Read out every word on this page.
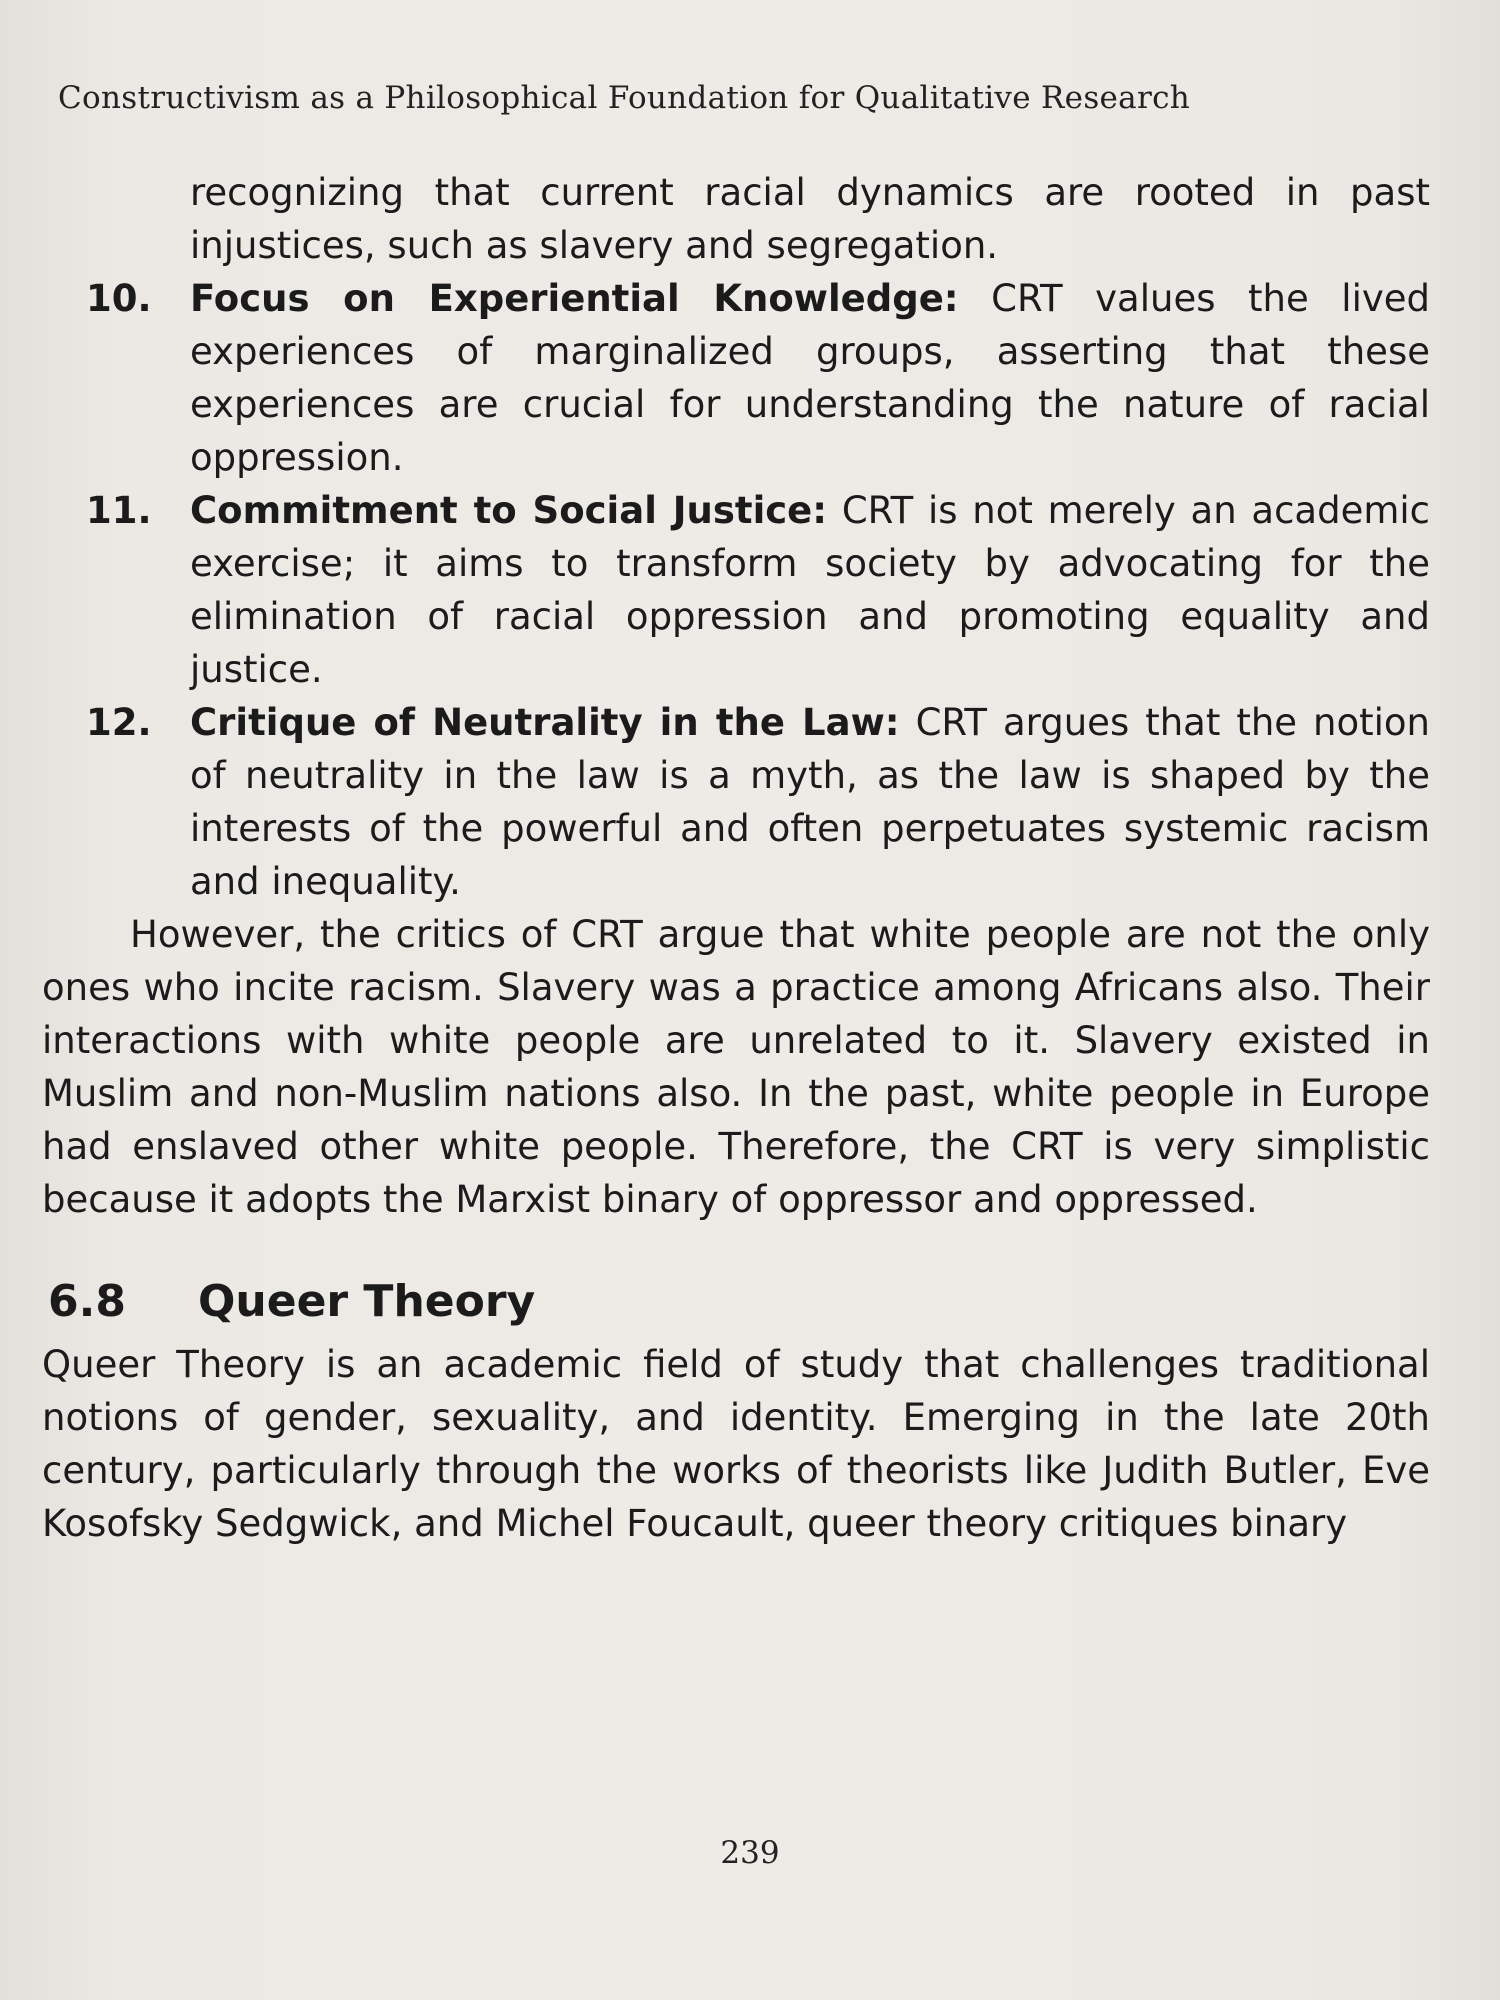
Constructivism as a Philosophical Foundation for Qualitative Research

recognizing that current racial dynamics are rooted in past injustices, such as slavery and segregation.

10. Focus on Experiential Knowledge: CRT values the lived experiences of marginalized groups, asserting that these experiences are crucial for understanding the nature of racial oppression.
11. Commitment to Social Justice: CRT is not merely an academic exercise; it aims to transform society by advocating for the elimination of racial oppression and promoting equality and justice.
12. Critique of Neutrality in the Law: CRT argues that the notion of neutrality in the law is a myth, as the law is shaped by the interests of the powerful and often perpetuates systemic racism and inequality.

However, the critics of CRT argue that white people are not the only ones who incite racism. Slavery was a practice among Africans also. Their interactions with white people are unrelated to it. Slavery existed in Muslim and non-Muslim nations also. In the past, white people in Europe had enslaved other white people. Therefore, the CRT is very simplistic because it adopts the Marxist binary of oppressor and oppressed.

6.8 Queer Theory

Queer Theory is an academic field of study that challenges traditional notions of gender, sexuality, and identity. Emerging in the late 20th century, particularly through the works of theorists like Judith Butler, Eve Kosofsky Sedgwick, and Michel Foucault, queer theory critiques binary

239
